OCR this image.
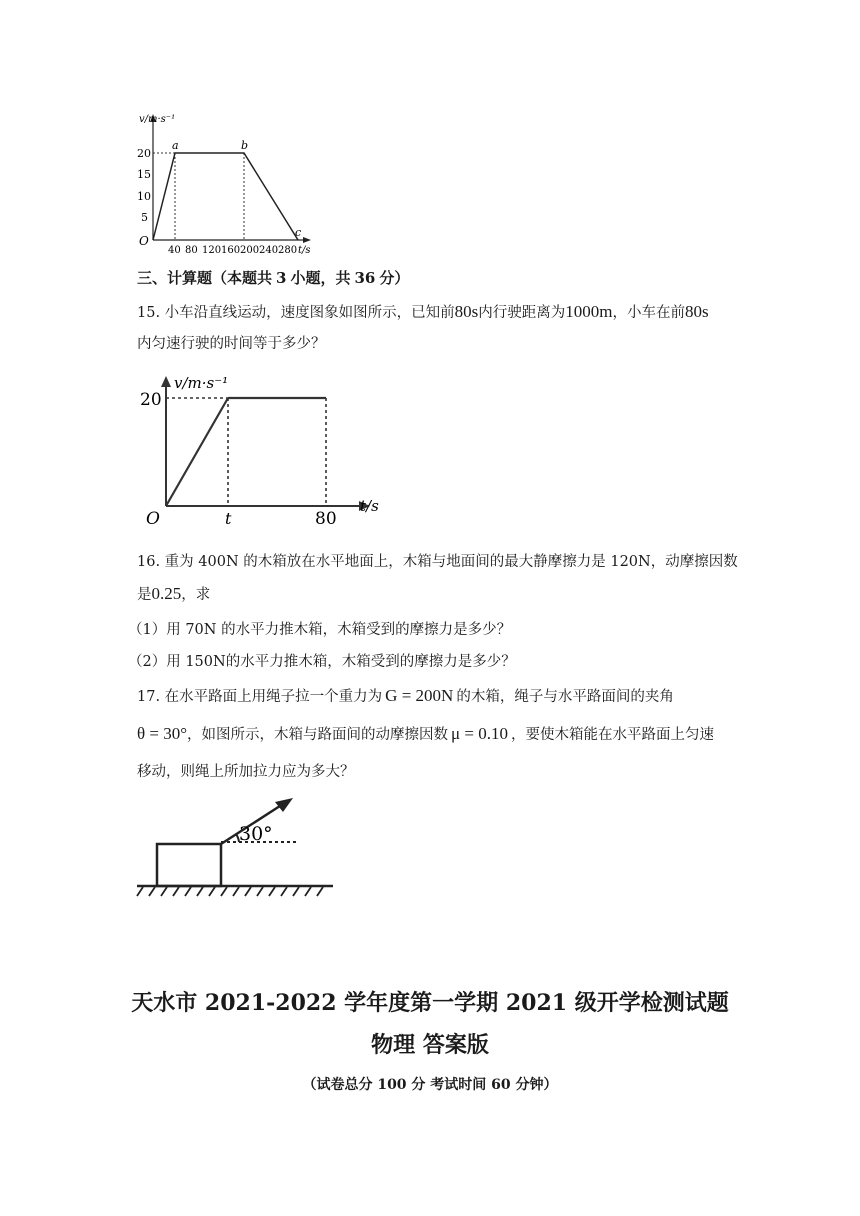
20
15
10
5
40 80 120 160 200 240 280 t/s
v/m·s⁻¹
O
a	b
c
三、计算题（本题共 3 小题，共 36 分）
15. 小车沿直线运动，速度图象如图所示，已知前80s内行驶距离为1000m，小车在前80s
内匀速行驶的时间等于多少？
20
v/m·s⁻¹
O	t	80
t/s
16. 重为 400N 的木箱放在水平地面上，木箱与地面间的最大静摩擦力是 120N，动摩擦因数
是0.25，求
（1）用 70N 的水平力推木箱，木箱受到的摩擦力是多少？
（2）用 150N的水平力推木箱，木箱受到的摩擦力是多少？
17. 在水平路面上用绳子拉一个重力为 G = 200N 的木箱，绳子与水平路面间的夹角
θ = 30°，如图所示，木箱与路面间的动摩擦因数 μ = 0.10 ，要使木箱能在水平路面上匀速
移动，则绳上所加拉力应为多大？
30°
天水市 2021-2022 学年度第一学期 2021 级开学检测试题
物理 答案版
（试卷总分 100 分 考试时间 60 分钟）
